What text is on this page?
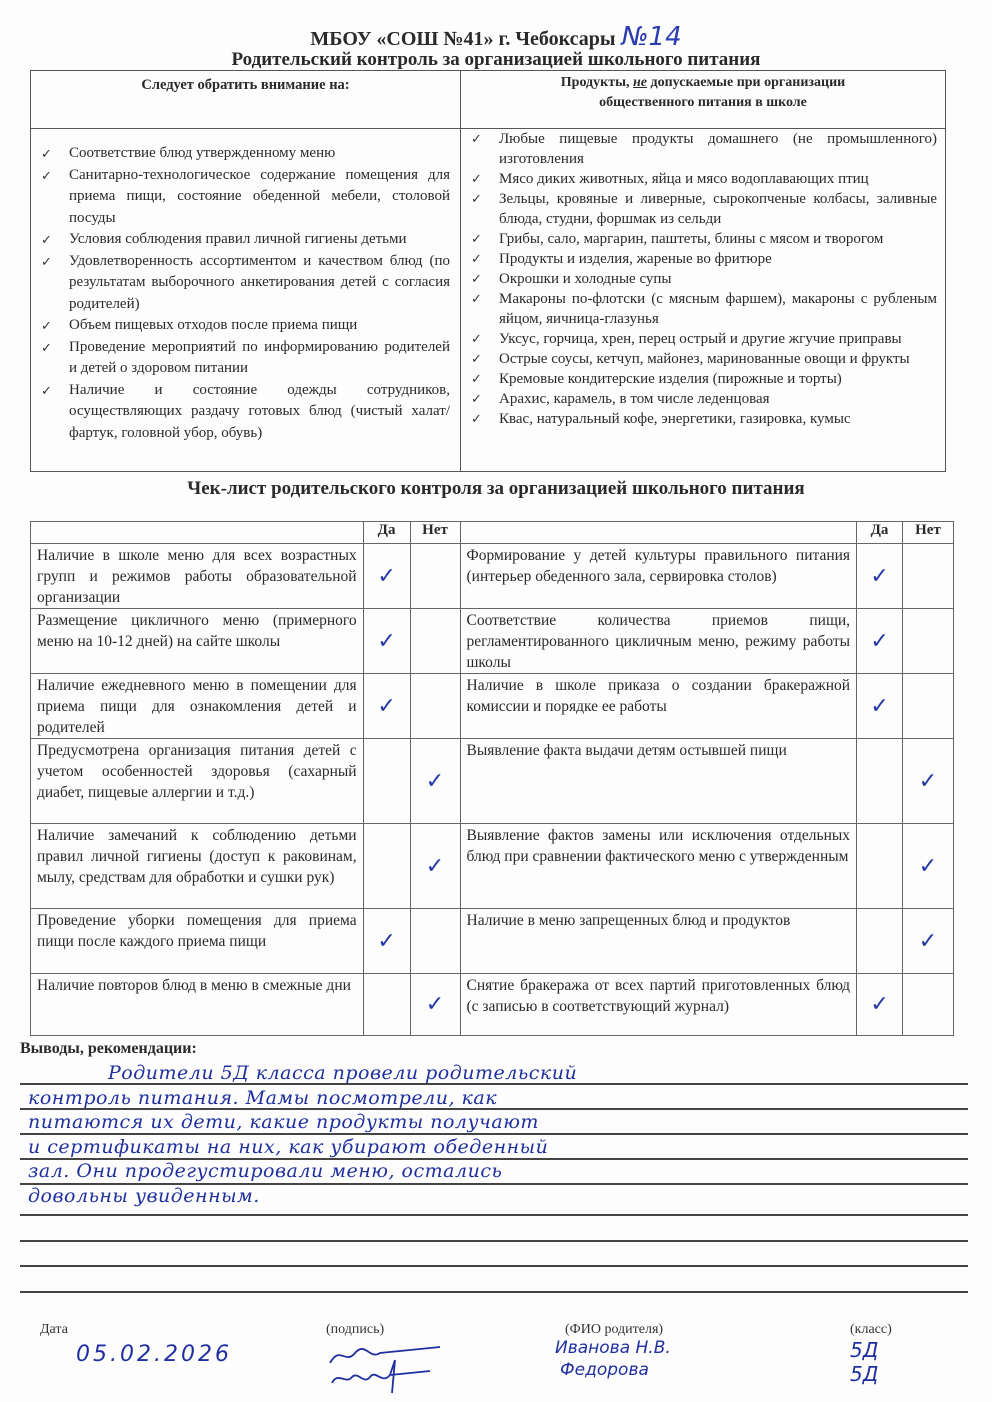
МБОУ «СОШ №41» г. Чебоксары №14
Родительский контроль за организацией школьного питания
Следует обратить внимание на:	Продукты, не допускаемые при организации
общественного питания в школе
✓ Соответствие блюд утвержденному меню
✓ Санитарно-технологическое содержание помещения для приема пищи, состояние обеденной мебели, столовой посуды
✓ Условия соблюдения правил личной гигиены детьми
✓ Удовлетворенность ассортиментом и качеством блюд (по результатам выборочного анкетирования детей с согласия родителей)
✓ Объем пищевых отходов после приема пищи
✓ Проведение мероприятий по информированию родителей и детей о здоровом питании
✓ Наличие и состояние одежды сотрудников, осуществляющих раздачу готовых блюд (чистый халат/фартук, головной убор, обувь)
✓ Любые пищевые продукты домашнего (не промышленного) изготовления
✓ Мясо диких животных, яйца и мясо водоплавающих птиц
✓ Зельцы, кровяные и ливерные, сырокопченые колбасы, заливные блюда, студни, форшмак из сельди
✓ Грибы, сало, маргарин, паштеты, блины с мясом и творогом
✓ Продукты и изделия, жареные во фритюре
✓ Окрошки и холодные супы
✓ Макароны по-флотски (с мясным фаршем), макароны с рубленым яйцом, яичница-глазунья
✓ Уксус, горчица, хрен, перец острый и другие жгучие приправы
✓ Острые соусы, кетчуп, майонез, маринованные овощи и фрукты
✓ Кремовые кондитерские изделия (пирожные и торты)
✓ Арахис, карамель, в том числе леденцовая
✓ Квас, натуральный кофе, энергетики, газировка, кумыс
Чек-лист родительского контроля за организацией школьного питания
	Да	Нет		Да	Нет
Наличие в школе меню для всех возрастных групп и режимов работы образовательной организации	✓		Формирование у детей культуры правильного питания (интерьер обеденного зала, сервировка столов)	✓	
Размещение цикличного меню (примерного меню на 10-12 дней) на сайте школы	✓		Соответствие количества приемов пищи, регламентированного цикличным меню, режиму работы школы	✓	
Наличие ежедневного меню в помещении для приема пищи для ознакомления детей и родителей	✓		Наличие в школе приказа о создании бракеражной комиссии и порядке ее работы	✓	
Предусмотрена организация питания детей с учетом особенностей здоровья (сахарный диабет, пищевые аллергии и т.д.)		✓	Выявление факта выдачи детям остывшей пищи		✓
Наличие замечаний к соблюдению детьми правил личной гигиены (доступ к раковинам, мылу, средствам для обработки и сушки рук)		✓	Выявление фактов замены или исключения отдельных блюд при сравнении фактического меню с утвержденным		✓
Проведение уборки помещения для приема пищи после каждого приема пищи	✓		Наличие в меню запрещенных блюд и продуктов		✓
Наличие повторов блюд в меню в смежные дни		✓	Снятие бракеража от всех партий приготовленных блюд (с записью в соответствующий журнал)	✓	
Выводы, рекомендации:
Родители 5Д класса провели родительский
контроль питания. Мамы посмотрели, как
питаются их дети, какие продукты получают
и сертификаты на них, как убирают обеденный
зал. Они продегустировали меню, остались
довольны увиденным.
Дата
05.02.2026
(подпись)	(ФИО родителя)
Иванова Н.В.
Федорова
(класс)
5Д
5Д
